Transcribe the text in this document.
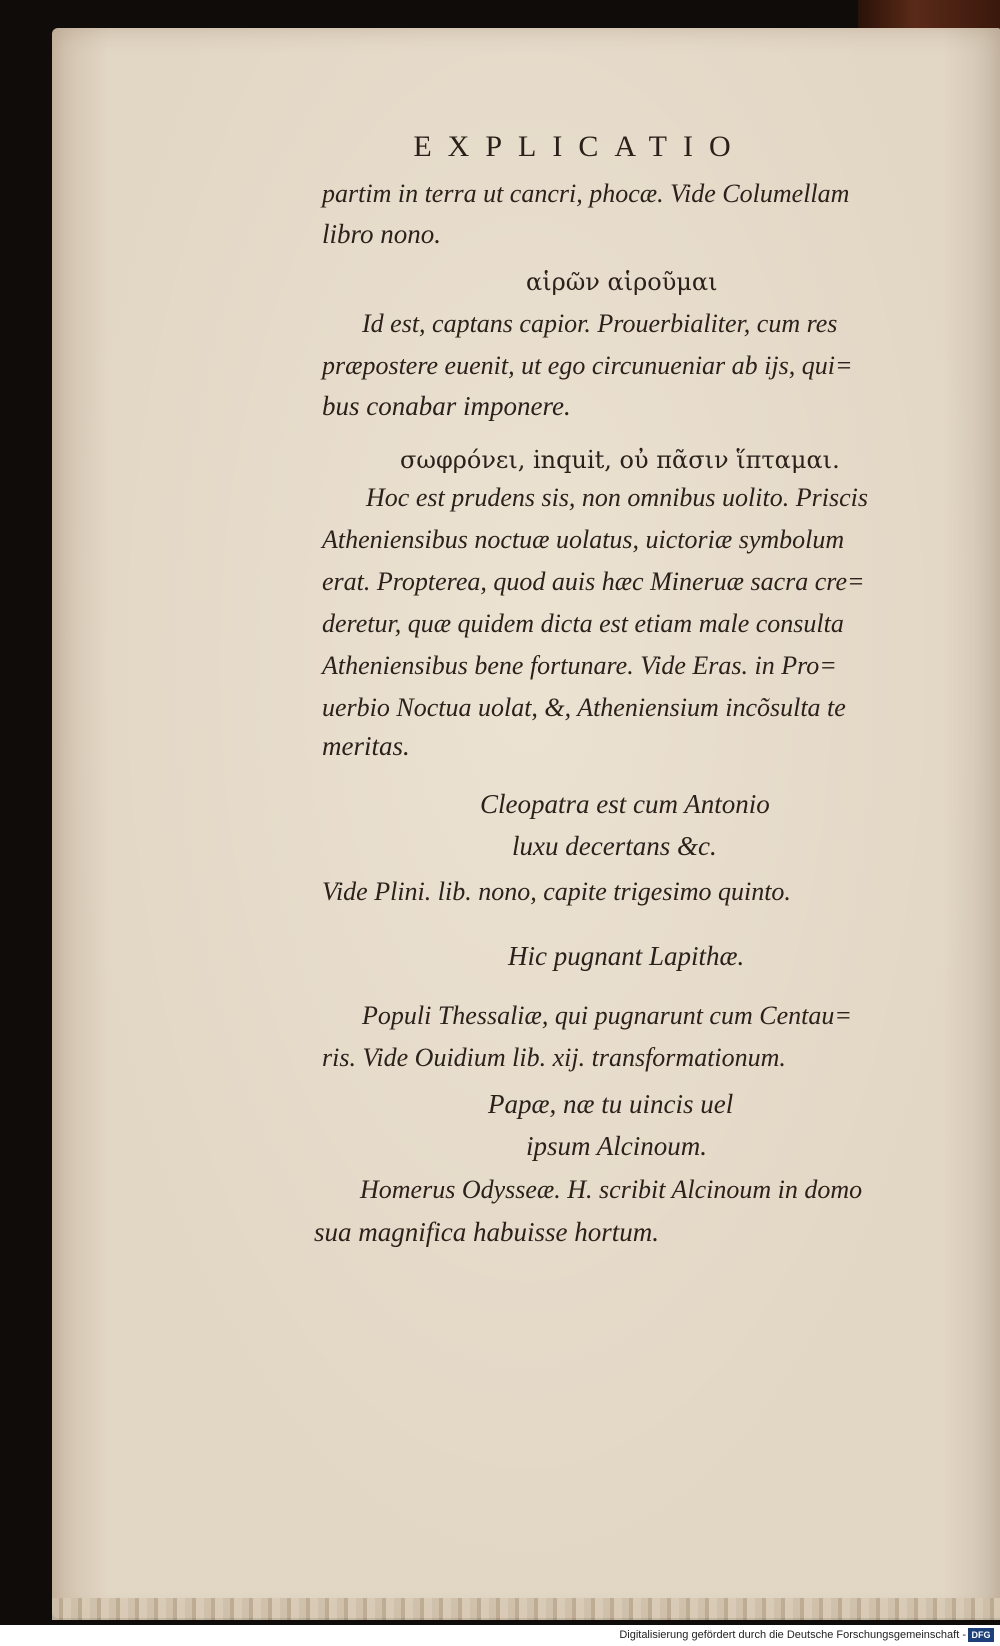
EXPLICATIO
partim in terra ut cancri, phocæ. Vide Columellam
libro nono.
αἱρῶν αἱροῦμαι
Id est, captans capior. Prouerbialiter, cum res
præpostere euenit, ut ego circunueniar ab ijs, qui=
bus conabar imponere.
σωφρόνει, inquit, οὐ πᾶσιν ἵπταμαι.
Hoc est prudens sis, non omnibus uolito. Priscis
Atheniensibus noctuæ uolatus, uictoriæ symbolum
erat. Propterea, quod auis hæc Mineruæ sacra cre=
deretur, quæ quidem dicta est etiam male consulta
Atheniensibus bene fortunare. Vide Eras. in Pro=
uerbio Noctua uolat, &, Atheniensium incõsulta te
meritas.
Cleopatra est cum Antonio
luxu decertans &c.
Vide Plini. lib. nono, capite trigesimo quinto.
Hic pugnant Lapithæ.
Populi Thessaliæ, qui pugnarunt cum Centau=
ris. Vide Ouidium lib. xij. transformationum.
Papæ, næ tu uincis uel
ipsum Alcinoum.
Homerus Odysseæ. H. scribit Alcinoum in domo
sua magnifica habuisse hortum.
Digitalisierung gefördert durch die Deutsche Forschungsgemeinschaft - DFG
